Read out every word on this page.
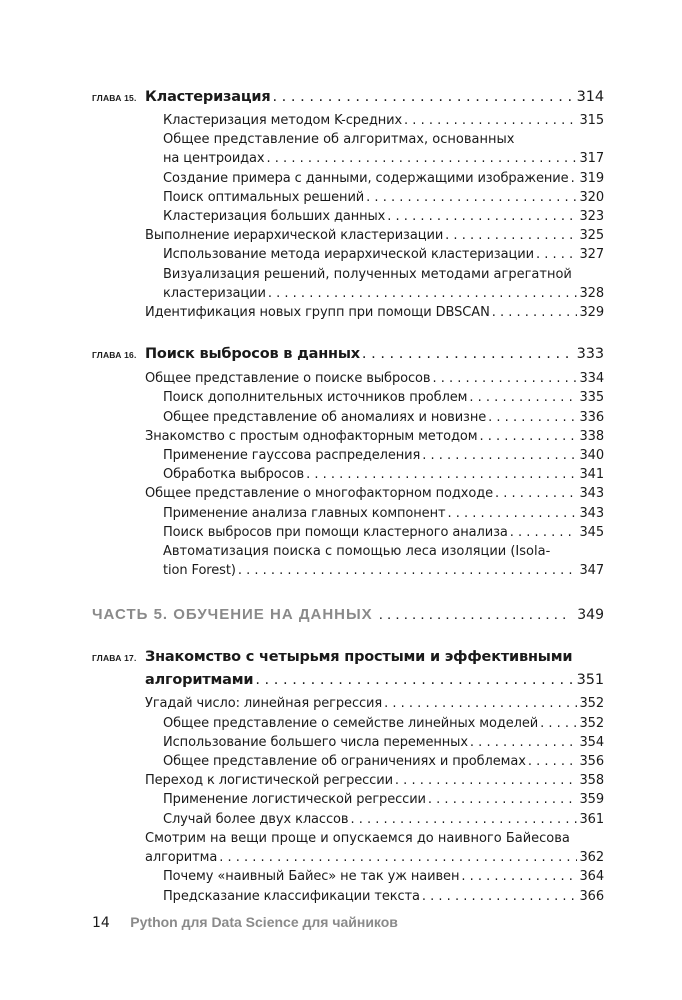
ГЛАВА 15. Кластеризация . . .	314
Кластеризация методом K-средних . . .	315
Общее представление об алгоритмах, основанных
на центроидах . . .	317
Создание примера с данными, содержащими изображение . . . 319
Поиск оптимальных решений . . .	320
Кластеризация больших данных . . .	323
Выполнение иерархической кластеризации . . .	325
Использование метода иерархической кластеризации . . .	327
Визуализация решений, полученных методами агрегатной
кластеризации . . .	328
Идентификация новых групп при помощи DBSCAN . . .	329
ГЛАВА 16. Поиск выбросов в данных . . .	333
Общее представление о поиске выбросов . . .	334
Поиск дополнительных источников проблем . . .	335
Общее представление об аномалиях и новизне . . .	336
Знакомство с простым однофакторным методом . . .	338
Применение гауссова распределения . . .	340
Обработка выбросов . . .	341
Общее представление о многофакторном подходе . . .	343
Применение анализа главных компонент . . .	343
Поиск выбросов при помощи кластерного анализа . . .	345
Автоматизация поиска с помощью леса изоляции (Isola-
tion Forest) . . .	347
ЧАСТЬ 5. ОБУЧЕНИЕ НА ДАННЫХ . . .	349
ГЛАВА 17. Знакомство с четырьмя простыми и эффективными
алгоритмами . . .	351
Угадай число: линейная регрессия . . .	352
Общее представление о семействе линейных моделей . . .	352
Использование большего числа переменных . . .	354
Общее представление об ограничениях и проблемах . . .	356
Переход к логистической регрессии . . .	358
Применение логистической регрессии . . .	359
Случай более двух классов . . .	361
Смотрим на вещи проще и опускаемся до наивного Байесова
алгоритма . . .	362
Почему «наивный Байес» не так уж наивен . . .	364
Предсказание классификации текста . . .	366
14 Python для Data Science для чайников
